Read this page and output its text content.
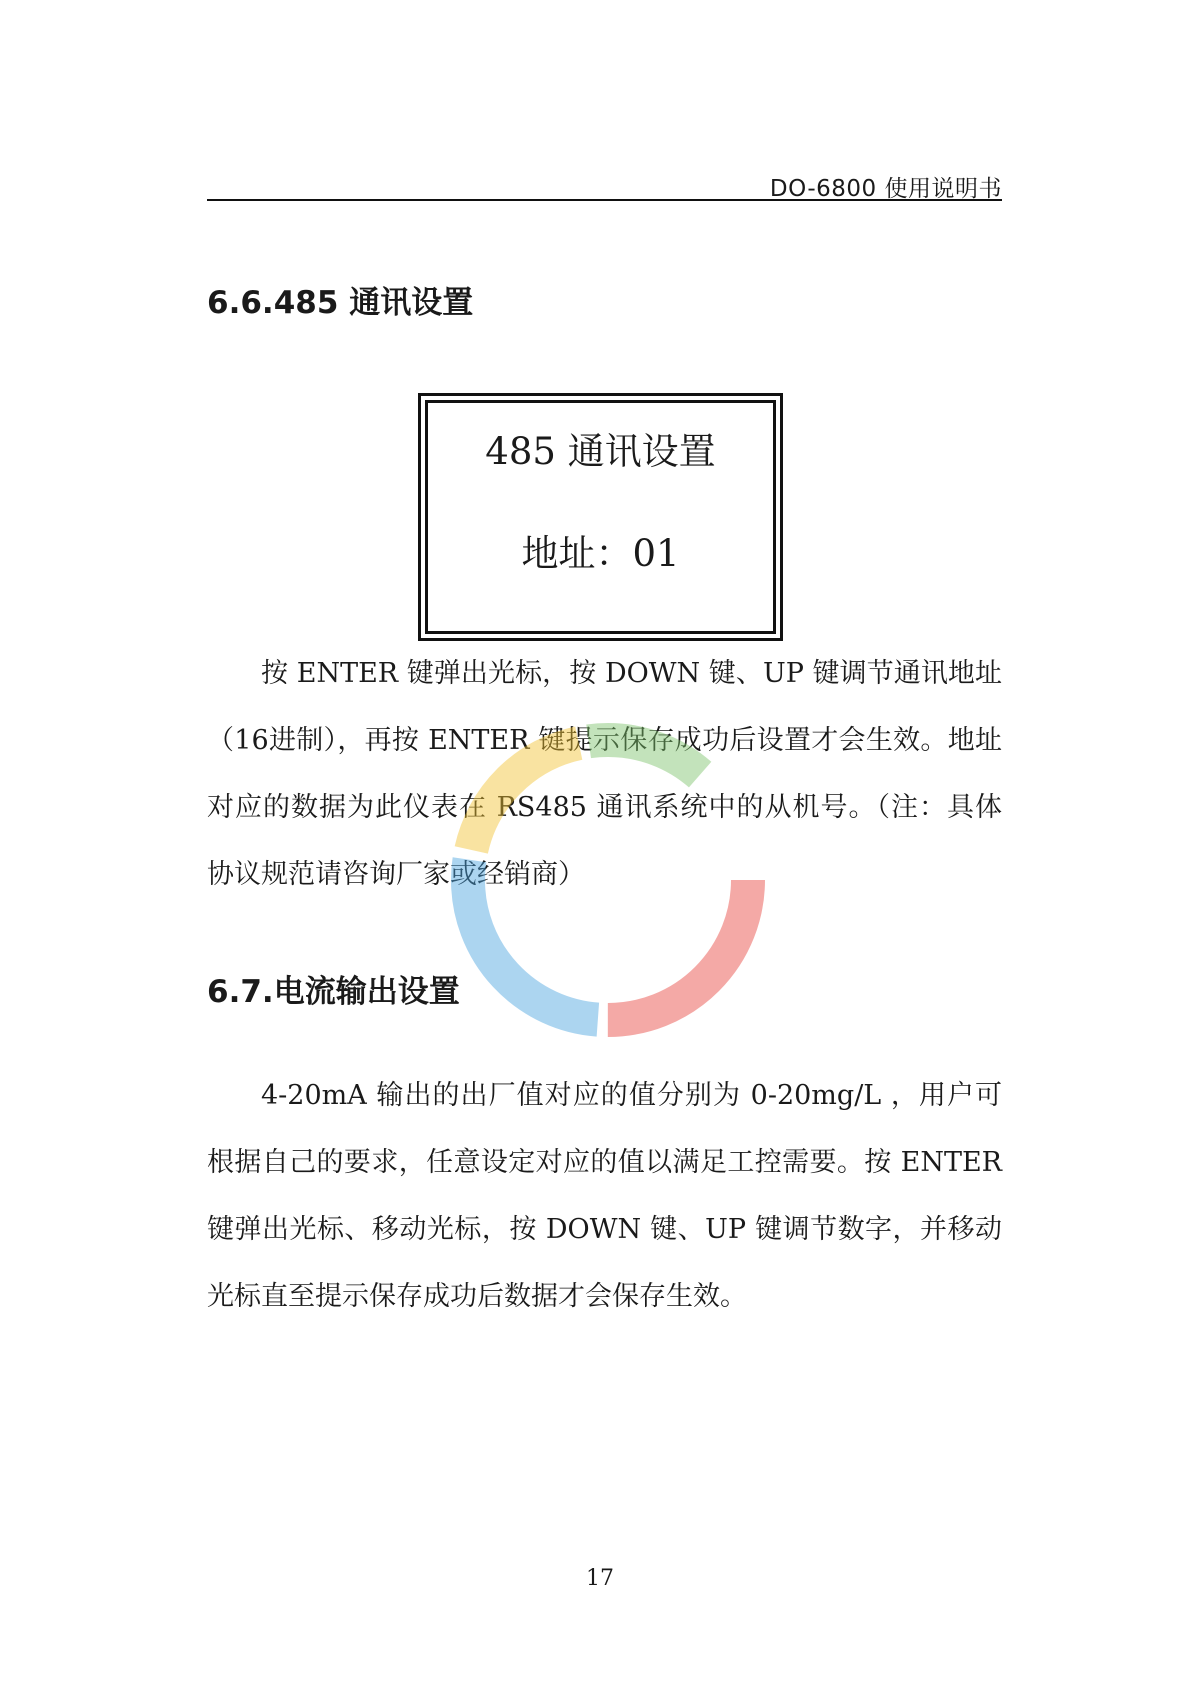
DO-6800 使用说明书
6.6.485 通讯设置
485 通讯设置
地址：01

按 ENTER 键弹出光标，按 DOWN 键、UP 键调节通讯地址（16进制），再按 ENTER 键提示保存成功后设置才会生效。地址对应的数据为此仪表在 RS485 通讯系统中的从机号。（注：具体协议规范请咨询厂家或经销商）

6.7.电流输出设置

4-20mA 输出的出厂值对应的值分别为 0-20mg/L ，用户可根据自己的要求，任意设定对应的值以满足工控需要。按 ENTER 键弹出光标、移动光标，按 DOWN 键、UP 键调节数字，并移动光标直至提示保存成功后数据才会保存生效。

17
